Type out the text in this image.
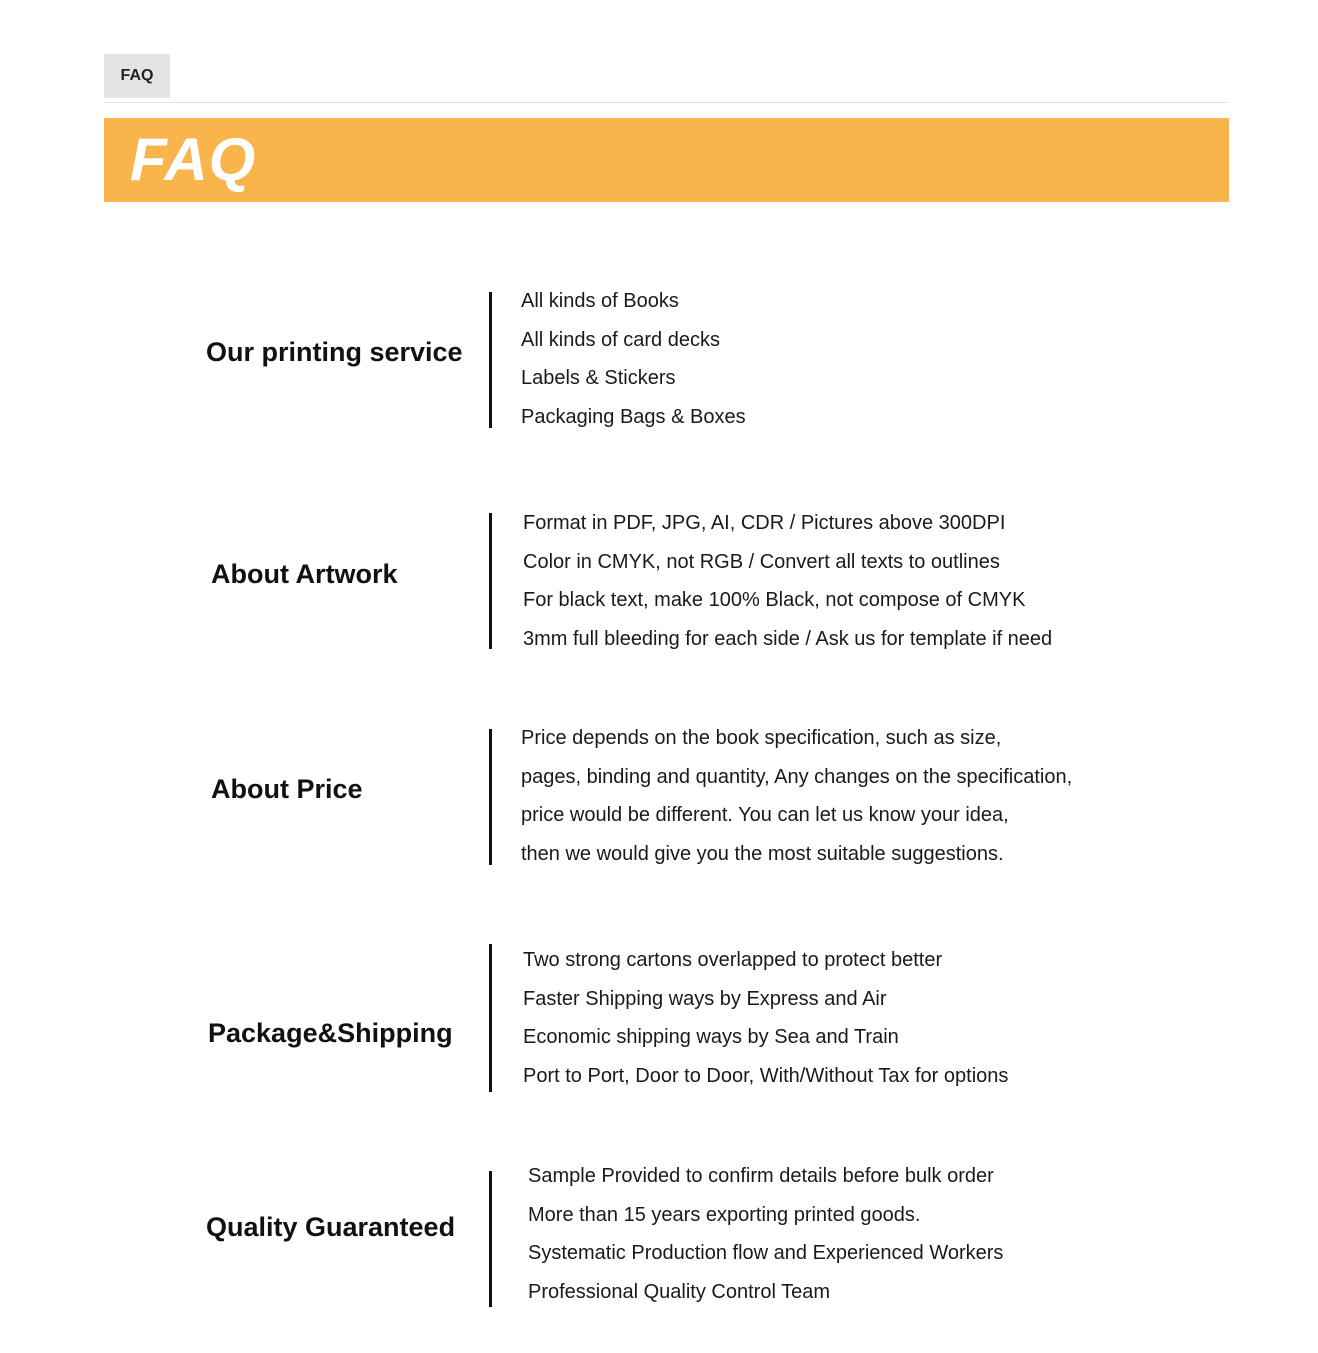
FAQ
FAQ
Our printing service
All kinds of Books
All kinds of card decks
Labels & Stickers
Packaging Bags & Boxes
About Artwork
Format in PDF, JPG, AI, CDR / Pictures above 300DPI
Color in CMYK, not RGB / Convert all texts to outlines
For black text, make 100% Black, not compose of CMYK
3mm full bleeding for each side / Ask us for template if need
About Price
Price depends on the book specification, such as size,
pages, binding and quantity, Any changes on the specification,
price would be different. You can let us know your idea,
then we would give you the most suitable suggestions.
Package&Shipping
Two strong cartons overlapped to protect better
Faster Shipping ways by Express and Air
Economic shipping ways by Sea and Train
Port to Port, Door to Door, With/Without Tax for options
Quality Guaranteed
Sample Provided to confirm details before bulk order
More than 15 years exporting printed goods.
Systematic Production flow and Experienced Workers
Professional Quality Control Team
